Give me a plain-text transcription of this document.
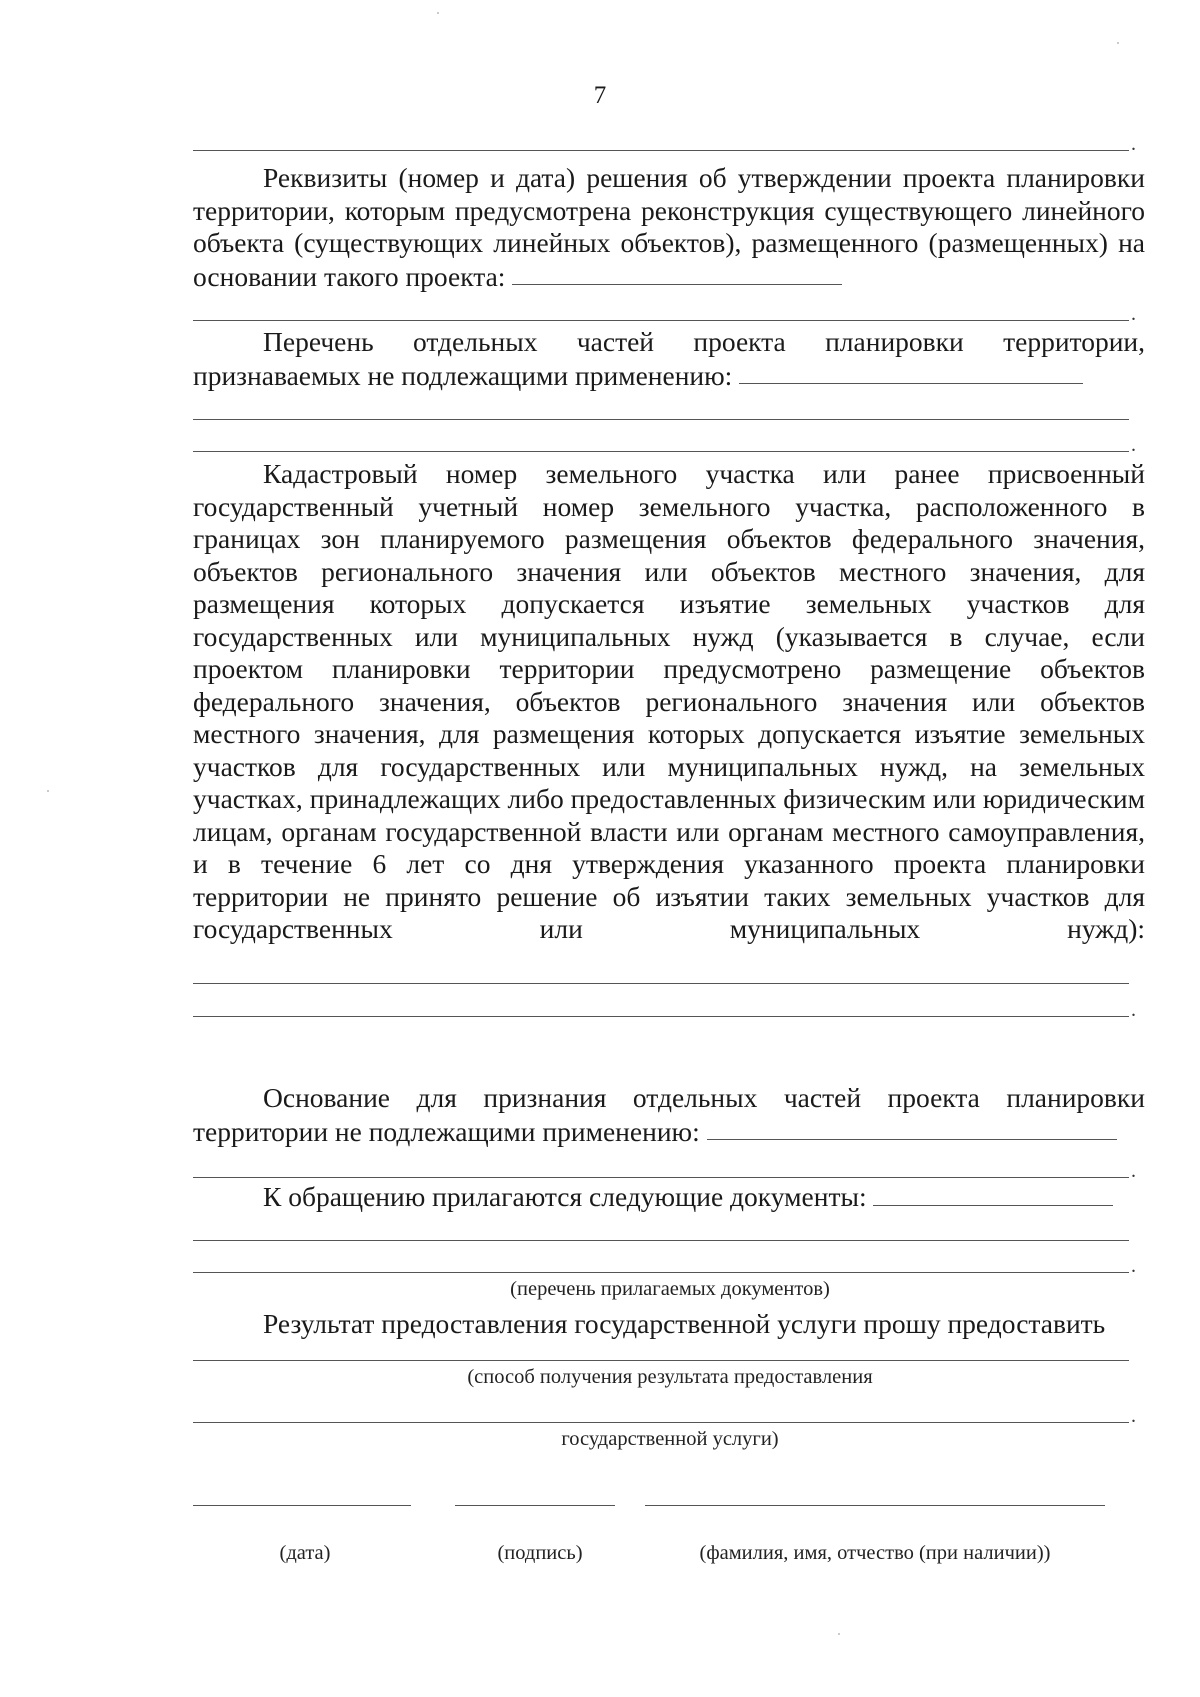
7
.
Реквизиты (номер и дата) решения об утверждении проекта планировки территории, которым предусмотрена реконструкция существующего линейного объекта (существующих линейных объектов), размещенного (размещенных) на основании такого проекта:
.
Перечень отдельных частей проекта планировки территории, признаваемых не подлежащими применению:
.
Кадастровый номер земельного участка или ранее присвоенный государственный учетный номер земельного участка, расположенного в границах зон планируемого размещения объектов федерального значения, объектов регионального значения или объектов местного значения, для размещения которых допускается изъятие земельных участков для государственных или муниципальных нужд (указывается в случае, если проектом планировки территории предусмотрено размещение объектов федерального значения, объектов регионального значения или объектов местного значения, для размещения которых допускается изъятие земельных участков для государственных или муниципальных нужд, на земельных участках, принадлежащих либо предоставленных физическим или юридическим лицам, органам государственной власти или органам местного самоуправления, и в течение 6 лет со дня утверждения указанного проекта планировки территории не принято решение об изъятии таких земельных участков для государственных или муниципальных нужд):
.
Основание для признания отдельных частей проекта планировки территории не подлежащими применению:
.
К обращению прилагаются следующие документы:
.
(перечень прилагаемых документов)
Результат предоставления государственной услуги прошу предоставить
(способ получения результата предоставления
.
государственной услуги)
(дата)	(подпись)	(фамилия, имя, отчество (при наличии))
